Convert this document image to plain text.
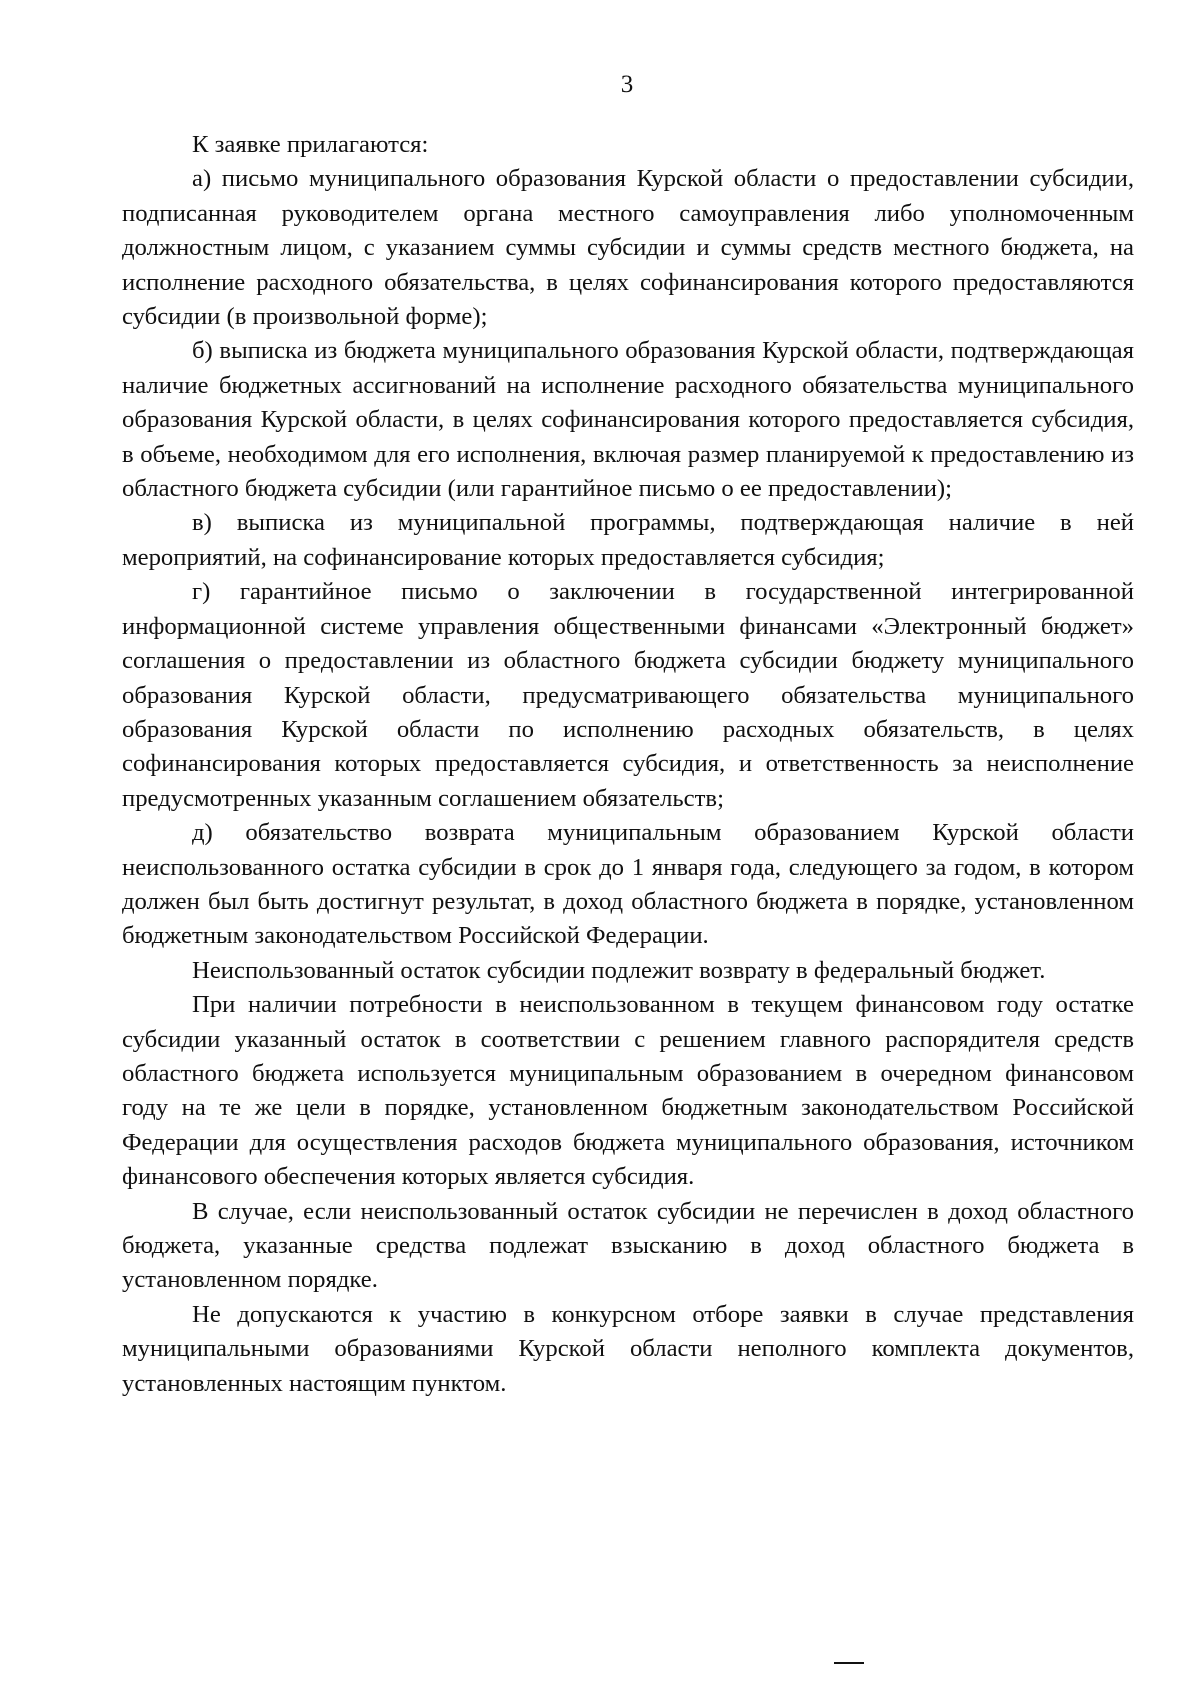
3

К заявке прилагаются:

а) письмо муниципального образования Курской области о предоставлении субсидии, подписанная руководителем органа местного самоуправления либо уполномоченным должностным лицом, с указанием суммы субсидии и суммы средств местного бюджета, на исполнение расходного обязательства, в целях софинансирования которого предоставляются субсидии (в произвольной форме);

б) выписка из бюджета муниципального образования Курской области, подтверждающая наличие бюджетных ассигнований на исполнение расходного обязательства муниципального образования Курской области, в целях софинансирования которого предоставляется субсидия, в объеме, необходимом для его исполнения, включая размер планируемой к предоставлению из областного бюджета субсидии (или гарантийное письмо о ее предоставлении);

в) выписка из муниципальной программы, подтверждающая наличие в ней мероприятий, на софинансирование которых предоставляется субсидия;

г) гарантийное письмо о заключении в государственной интегрированной информационной системе управления общественными финансами «Электронный бюджет» соглашения о предоставлении из областного бюджета субсидии бюджету муниципального образования Курской области, предусматривающего обязательства муниципального образования Курской области по исполнению расходных обязательств, в целях софинансирования которых предоставляется субсидия, и ответственность за неисполнение предусмотренных указанным соглашением обязательств;

д) обязательство возврата муниципальным образованием Курской области неиспользованного остатка субсидии в срок до 1 января года, следующего за годом, в котором должен был быть достигнут результат, в доход областного бюджета в порядке, установленном бюджетным законодательством Российской Федерации.

Неиспользованный остаток субсидии подлежит возврату в федеральный бюджет.

При наличии потребности в неиспользованном в текущем финансовом году остатке субсидии указанный остаток в соответствии с решением главного распорядителя средств областного бюджета используется муниципальным образованием в очередном финансовом году на те же цели в порядке, установленном бюджетным законодательством Российской Федерации для осуществления расходов бюджета муниципального образования, источником финансового обеспечения которых является субсидия.

В случае, если неиспользованный остаток субсидии не перечислен в доход областного бюджета, указанные средства подлежат взысканию в доход областного бюджета в установленном порядке.

Не допускаются к участию в конкурсном отборе заявки в случае представления муниципальными образованиями Курской области неполного комплекта документов, установленных настоящим пунктом.
